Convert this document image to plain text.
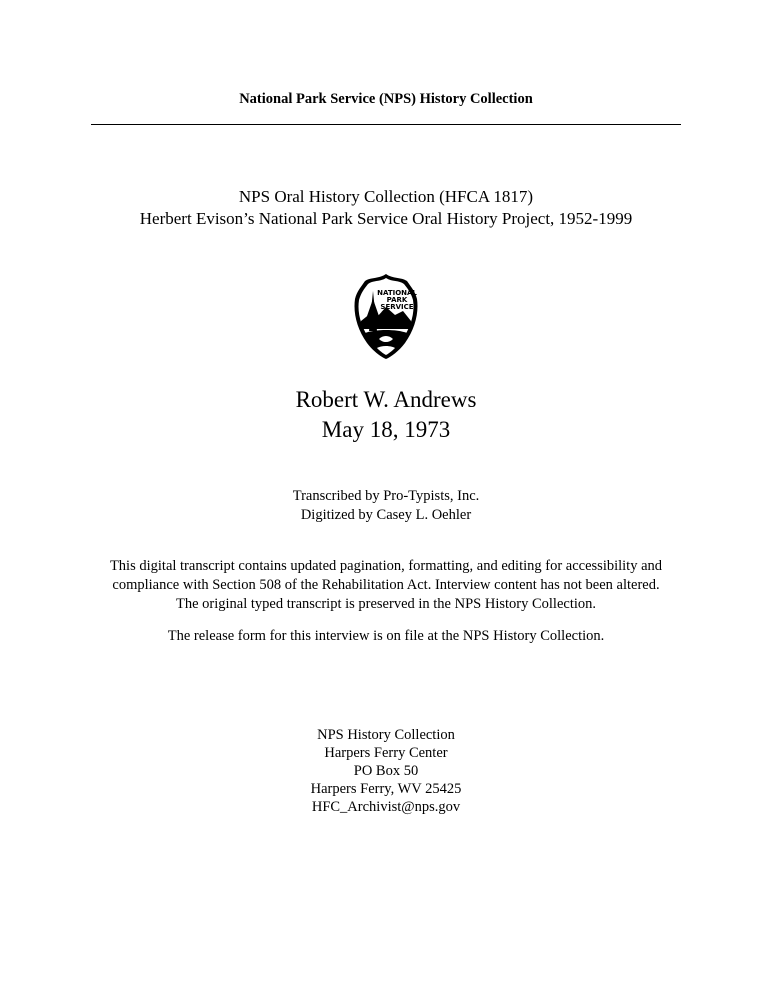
National Park Service (NPS) History Collection
NPS Oral History Collection (HFCA 1817)
Herbert Evison’s National Park Service Oral History Project, 1952-1999
NATIONAL
PARK
SERVICE
Robert W. Andrews
May 18, 1973
Transcribed by Pro-Typists, Inc.
Digitized by Casey L. Oehler
This digital transcript contains updated pagination, formatting, and editing for accessibility and
compliance with Section 508 of the Rehabilitation Act. Interview content has not been altered.
The original typed transcript is preserved in the NPS History Collection.
The release form for this interview is on file at the NPS History Collection.
NPS History Collection
Harpers Ferry Center
PO Box 50
Harpers Ferry, WV 25425
HFC_Archivist@nps.gov
